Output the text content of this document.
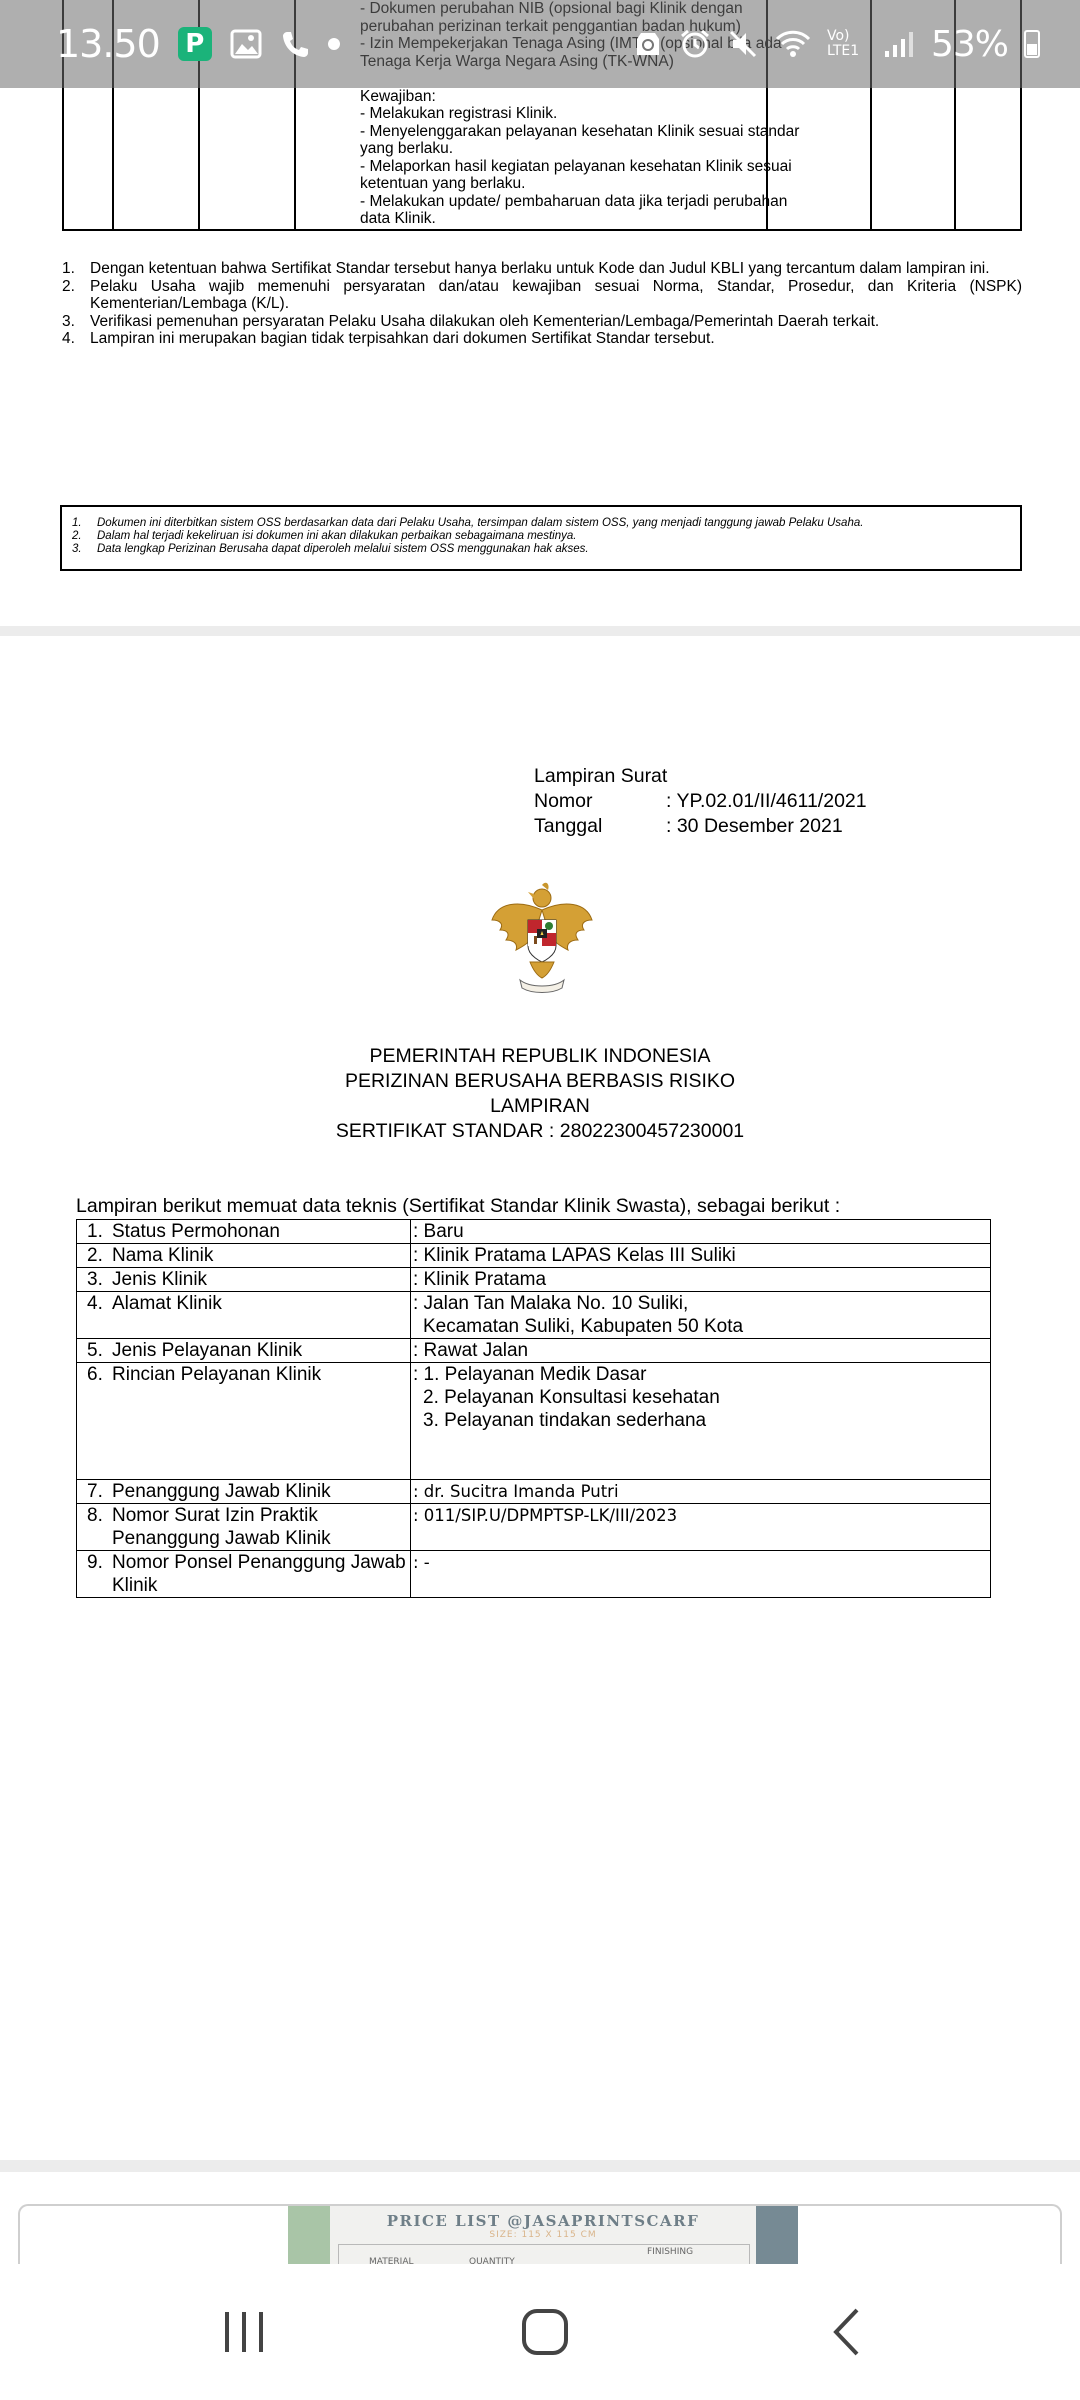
Kewajiban:

- Melakukan registrasi Klinik.

- Menyelenggarakan pelayanan kesehatan Klinik sesuai standar

yang berlaku.

- Melaporkan hasil kegiatan pelayanan kesehatan Klinik sesuai

ketentuan yang berlaku.

- Melakukan update/ pembaharuan data jika terjadi perubahan

data Klinik.

1. Dengan ketentuan bahwa Sertifikat Standar tersebut hanya berlaku untuk Kode dan Judul KBLI yang tercantum dalam lampiran ini.
2. Pelaku Usaha wajib memenuhi persyaratan dan/atau kewajiban sesuai Norma, Standar, Prosedur, dan Kriteria (NSPK) Kementerian/Lembaga (K/L).
3. Verifikasi pemenuhan persyaratan Pelaku Usaha dilakukan oleh Kementerian/Lembaga/Pemerintah Daerah terkait.
4. Lampiran ini merupakan bagian tidak terpisahkan dari dokumen Sertifikat Standar tersebut.
1.	Dokumen ini diterbitkan sistem OSS berdasarkan data dari Pelaku Usaha, tersimpan dalam sistem OSS, yang menjadi tanggung jawab Pelaku Usaha.
2.	Dalam hal terjadi kekeliruan isi dokumen ini akan dilakukan perbaikan sebagaimana mestinya.
3.	Data lengkap Perizinan Berusaha dapat diperoleh melalui sistem OSS menggunakan hak akses.
Lampiran Surat
Nomor	: YP.02.01/II/4611/2021
Tanggal	: 30 Desember 2021
PEMERINTAH REPUBLIK INDONESIA
PERIZINAN BERUSAHA BERBASIS RISIKO
LAMPIRAN
SERTIFIKAT STANDAR : 28022300457230001
Lampiran berikut memuat data teknis (Sertifikat Standar Klinik Swasta), sebagai berikut :
1. Status Permohonan	: Baru
2. Nama Klinik	: Klinik Pratama LAPAS Kelas III Suliki
3. Jenis Klinik	: Klinik Pratama
4. Alamat Klinik	: Jalan Tan Malaka No. 10 Suliki,
Kecamatan Suliki, Kabupaten 50 Kota
5. Jenis Pelayanan Klinik	: Rawat Jalan
6. Rincian Pelayanan Klinik	: 1. Pelayanan Medik Dasar
2. Pelayanan Konsultasi kesehatan
3. Pelayanan tindakan sederhana
7. Penanggung Jawab Klinik	: dr. Sucitra Imanda Putri
8. Nomor Surat Izin Praktik Penanggung Jawab Klinik
: 011/SIP.U/DPMPTSP-LK/III/2023
9. Nomor Ponsel Penanggung Jawab Klinik
: -
PRICE LIST @JASAPRINTSCARF
SIZE: 115 X 115 CM
FINISHING
MATERIAL	QUANTITY
13.50 P	Vo) LTE1 53%
